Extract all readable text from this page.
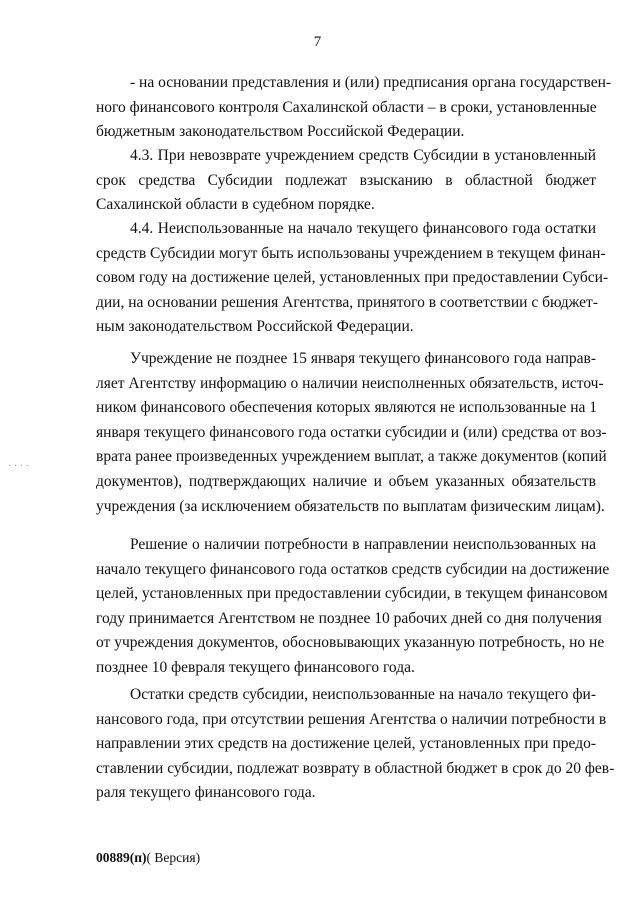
7
- на основании представления и (или) предписания органа государствен-
ного финансового контроля Сахалинской области – в сроки, установленные
бюджетным законодательством Российской Федерации.
4.3. При невозврате учреждением средств Субсидии в установленный
срок средства Субсидии подлежат взысканию в областной бюджет
Сахалинской области в судебном порядке.
4.4. Неиспользованные на начало текущего финансового года остатки
средств Субсидии могут быть использованы учреждением в текущем финан-
совом году на достижение целей, установленных при предоставлении Субси-
дии, на основании решения Агентства, принятого в соответствии с бюджет-
ным законодательством Российской Федерации.
Учреждение не позднее 15 января текущего финансового года направ-
ляет Агентству информацию о наличии неисполненных обязательств, источ-
ником финансового обеспечения которых являются не использованные на 1
января текущего финансового года остатки субсидии и (или) средства от воз-
врата ранее произведенных учреждением выплат, а также документов (копий
документов), подтверждающих наличие и объем указанных обязательств
учреждения (за исключением обязательств по выплатам физическим лицам).
Решение о наличии потребности в направлении неиспользованных на
начало текущего финансового года остатков средств субсидии на достижение
целей, установленных при предоставлении субсидии, в текущем финансовом
году принимается Агентством не позднее 10 рабочих дней со дня получения
от учреждения документов, обосновывающих указанную потребность, но не
позднее 10 февраля текущего финансового года.
Остатки средств субсидии, неиспользованные на начало текущего фи-
нансового года, при отсутствии решения Агентства о наличии потребности в
направлении этих средств на достижение целей, установленных при предо-
ставлении субсидии, подлежат возврату в областной бюджет в срок до 20 фев-
раля текущего финансового года.
· · · ·
00889(п)( Версия)
